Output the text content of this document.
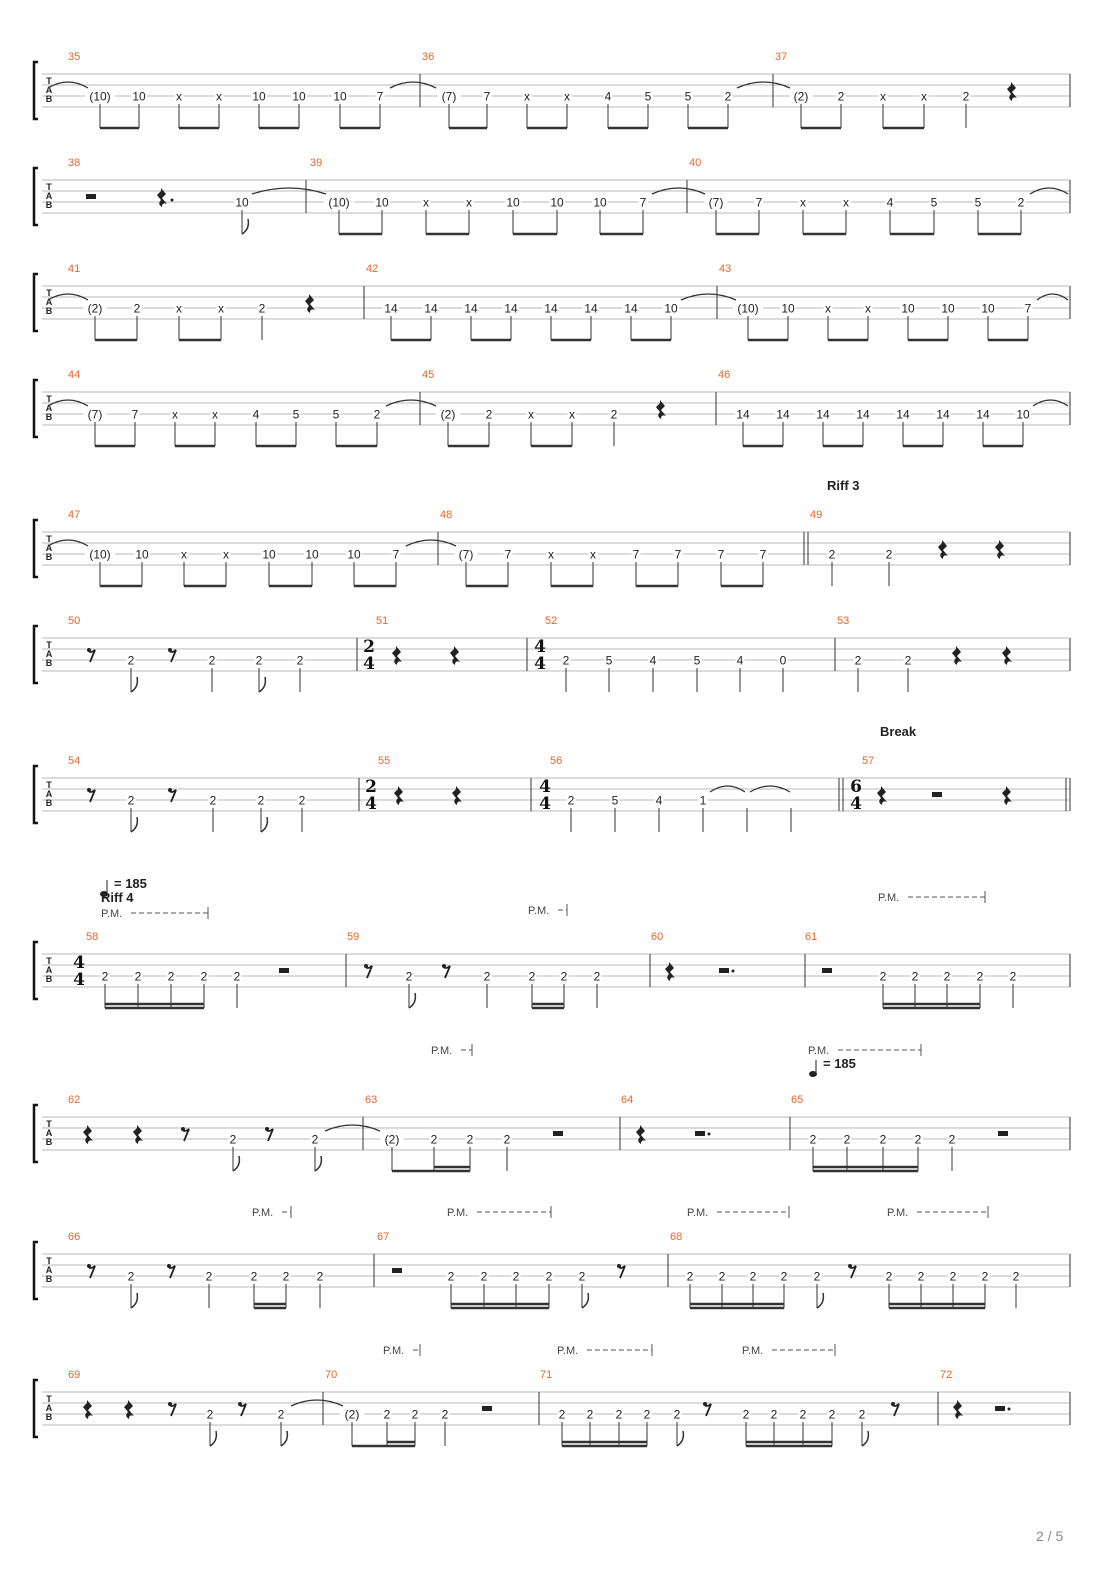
T
A
B
35	36	37
(10) 10	x	x	10 10 10 7	(7) 7	x	x	4	5	5	2	(2) 2	x	x	2
T
A
B
38	39	40
10	(10) 10	x	x	10	10 10	7	(7)	7	x	x	4	5	5	2
T
A
B
41	42	43
(2)	2	x	x	2	14 14 14 14 14 14 14 10	(10) 10	x	x	10 10 10 7
T
A
B
44	45	46
(7) 7	x	x	4	5	5	2	(2)	2	x	x	2	14 14 14 14 14 14 14 10
T
A
B
Riff 3
47	48	49
(10) 10	x	x	10 10 10	7	(7)	7	x	x	7	7	7	7	2	2
T
A
B
50	51	52	53
2	2	2	2
2
4
4
4 2	5	4	5	4	0	2	2
T
A
B
Break
54	55	56	57
2	2	2	2
2
4
4
4 2	5	4	1
6
4
T
A
B
= 185
Riff 4
P.M.	P.M.
P.M.
58	59	60	61
4
4 2 2 2 2 2	2	2	2 2 2	2 2 2 2 2
T
A
B
P.M.	P.M.
= 185
62	63	64	65
2	2	(2)	2 2	2	2 2 2 2 2
T
A
B
P.M.	P.M.	P.M.	P.M.
66	67	68
2	2	2 2 2	2 2 2 2 2	2 2 2 2 2	2 2 2 2 2
T
A
B
P.M.	P.M.	P.M.
69	70	71	72
2	2	(2) 2 2 2	2 2 2 2 2	2 2 2 2 2
2 / 5
